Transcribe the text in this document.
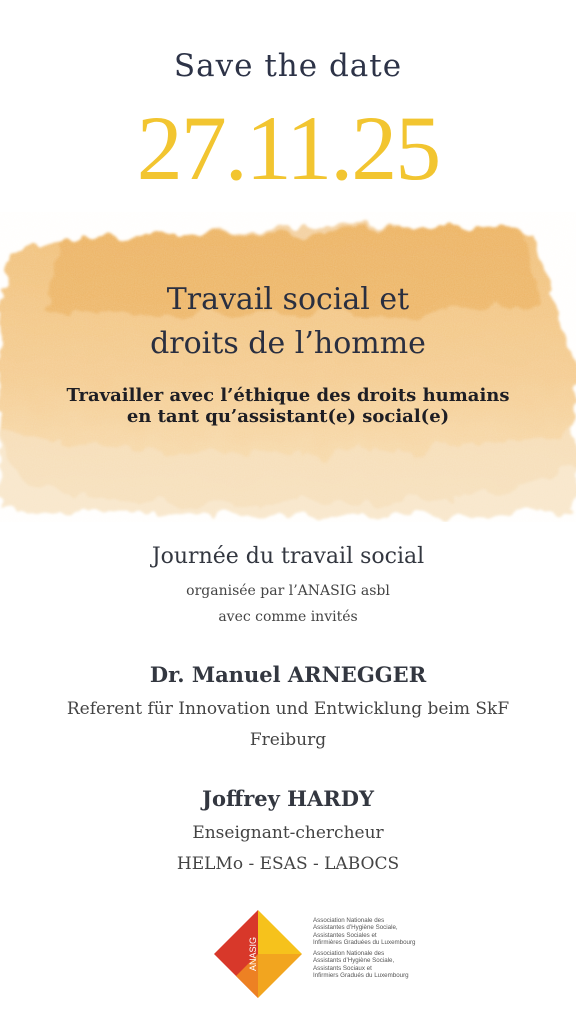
Save the date
27.11.25
Travail social et
droits de l’homme
Travailler avec l’éthique des droits humains
en tant qu’assistant(e) social(e)
Journée du travail social
organisée par l’ANASIG asbl
avec comme invités
Dr. Manuel ARNEGGER
Referent für Innovation und Entwicklung beim SkF
Freiburg
Joffrey HARDY
Enseignant-chercheur
HELMo - ESAS - LABOCS
ANASIG
Association Nationale des
Assistantes d’Hygiène Sociale,
Assistantes Sociales et
Infirmières Graduées du Luxembourg
Association Nationale des
Assistants d’Hygiène Sociale,
Assistants Sociaux et
Infirmiers Gradués du Luxembourg
